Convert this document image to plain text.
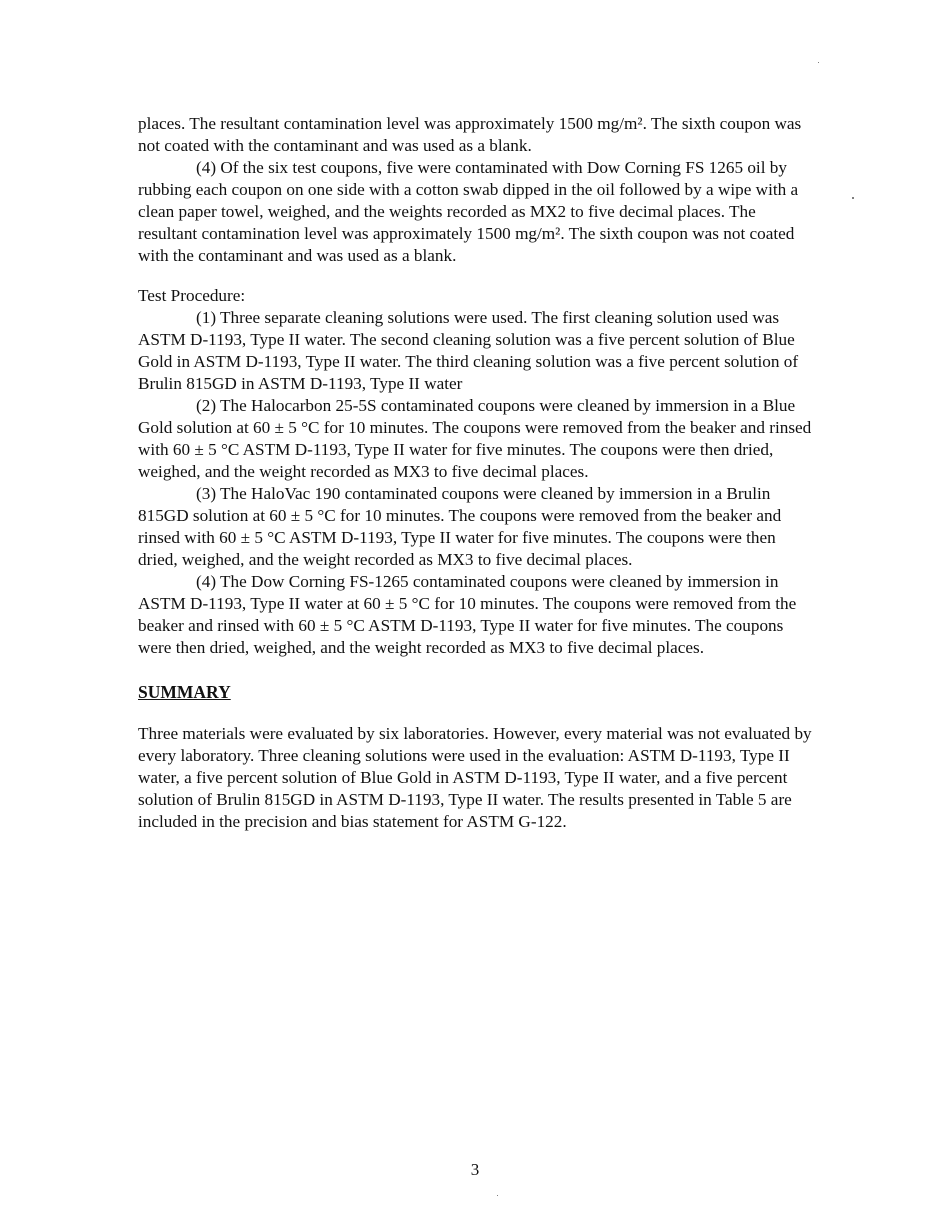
places. The resultant contamination level was approximately 1500 mg/m². The sixth coupon was not coated with the contaminant and was used as a blank.

(4) Of the six test coupons, five were contaminated with Dow Corning FS 1265 oil by rubbing each coupon on one side with a cotton swab dipped in the oil followed by a wipe with a clean paper towel, weighed, and the weights recorded as MX2 to five decimal places. The resultant contamination level was approximately 1500 mg/m². The sixth coupon was not coated with the contaminant and was used as a blank.

Test Procedure:

(1) Three separate cleaning solutions were used. The first cleaning solution used was ASTM D-1193, Type II water. The second cleaning solution was a five percent solution of Blue Gold in ASTM D-1193, Type II water. The third cleaning solution was a five percent solution of Brulin 815GD in ASTM D-1193, Type II water

(2) The Halocarbon 25-5S contaminated coupons were cleaned by immersion in a Blue Gold solution at 60 ± 5 °C for 10 minutes. The coupons were removed from the beaker and rinsed with 60 ± 5 °C ASTM D-1193, Type II water for five minutes. The coupons were then dried, weighed, and the weight recorded as MX3 to five decimal places.

(3) The HaloVac 190 contaminated coupons were cleaned by immersion in a Brulin 815GD solution at 60 ± 5 °C for 10 minutes. The coupons were removed from the beaker and rinsed with 60 ± 5 °C ASTM D-1193, Type II water for five minutes. The coupons were then dried, weighed, and the weight recorded as MX3 to five decimal places.

(4) The Dow Corning FS-1265 contaminated coupons were cleaned by immersion in ASTM D-1193, Type II water at 60 ± 5 °C for 10 minutes. The coupons were removed from the beaker and rinsed with 60 ± 5 °C ASTM D-1193, Type II water for five minutes. The coupons were then dried, weighed, and the weight recorded as MX3 to five decimal places.

SUMMARY

Three materials were evaluated by six laboratories. However, every material was not evaluated by every laboratory. Three cleaning solutions were used in the evaluation: ASTM D-1193, Type II water, a five percent solution of Blue Gold in ASTM D-1193, Type II water, and a five percent solution of Brulin 815GD in ASTM D-1193, Type II water. The results presented in Table 5 are included in the precision and bias statement for ASTM G-122.

3
